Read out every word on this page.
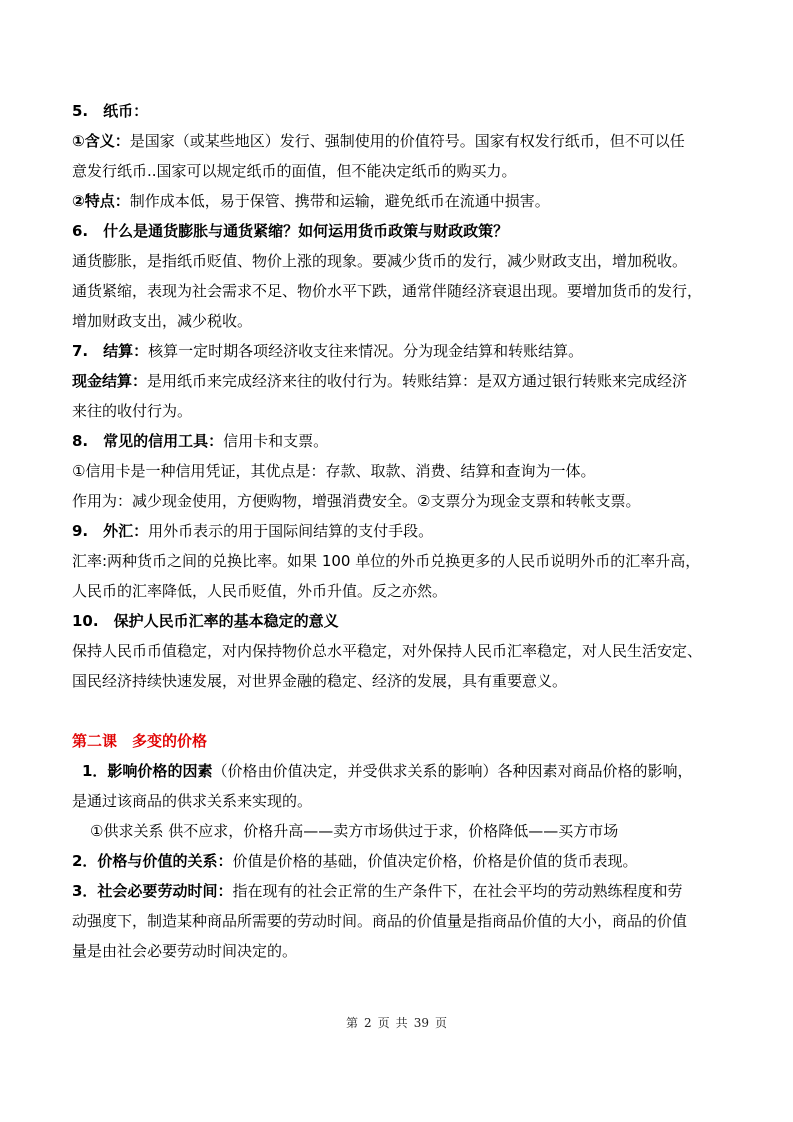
5.　纸币：
①含义：是国家（或某些地区）发行、强制使用的价值符号。国家有权发行纸币，但不可以任
意发行纸币..国家可以规定纸币的面值，但不能决定纸币的购买力。
②特点：制作成本低，易于保管、携带和运输，避免纸币在流通中损害。
6.　什么是通货膨胀与通货紧缩？如何运用货币政策与财政政策？
通货膨胀，是指纸币贬值、物价上涨的现象。要减少货币的发行，减少财政支出，增加税收。
通货紧缩，表现为社会需求不足、物价水平下跌，通常伴随经济衰退出现。要增加货币的发行，
增加财政支出，减少税收。
7.　结算：核算一定时期各项经济收支往来情况。分为现金结算和转账结算。
现金结算：是用纸币来完成经济来往的收付行为。转账结算：是双方通过银行转账来完成经济
来往的收付行为。
8.　常见的信用工具：信用卡和支票。
①信用卡是一种信用凭证，其优点是：存款、取款、消费、结算和查询为一体。
作用为：减少现金使用，方便购物，增强消费安全。②支票分为现金支票和转帐支票。
9.　外汇：用外币表示的用于国际间结算的支付手段。
汇率:两种货币之间的兑换比率。如果 100 单位的外币兑换更多的人民币说明外币的汇率升高，
人民币的汇率降低，人民币贬值，外币升值。反之亦然。
10.　保护人民币汇率的基本稳定的意义
保持人民币币值稳定，对内保持物价总水平稳定，对外保持人民币汇率稳定，对人民生活安定、
国民经济持续快速发展，对世界金融的稳定、经济的发展，具有重要意义。
第二课　多变的价格
1．影响价格的因素（价格由价值决定，并受供求关系的影响）各种因素对商品价格的影响，
是通过该商品的供求关系来实现的。
①供求关系 供不应求，价格升高——卖方市场供过于求，价格降低——买方市场
2．价格与价值的关系：价值是价格的基础，价值决定价格，价格是价值的货币表现。
3．社会必要劳动时间：指在现有的社会正常的生产条件下，在社会平均的劳动熟练程度和劳
动强度下，制造某种商品所需要的劳动时间。商品的价值量是指商品价值的大小，商品的价值
量是由社会必要劳动时间决定的。
第 2 页 共 39 页
